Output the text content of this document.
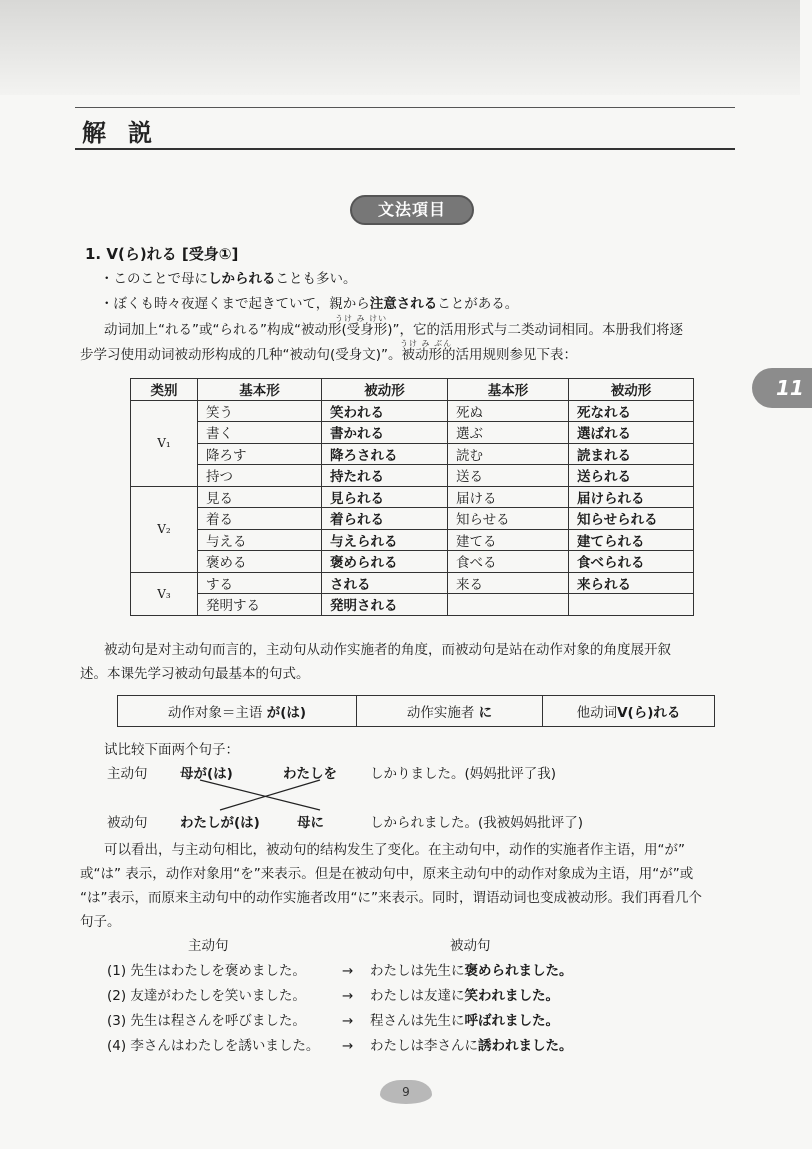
解説
文法項目
11
1. V(ら)れる [受身①]
・このことで母にしかられることも多い。
・ぼくも時々夜遅くまで起きていて，親から注意されることがある。
うけ み けい
动词加上“れる”或“られる”构成“被动形(受身形)”，它的活用形式与二类动词相同。本册我们将逐
うけ み ぶん
步学习使用动词被动形构成的几种“被动句(受身文)”。被动形的活用规则参见下表：
类别	基本形	被动形	基本形	被动形
V₁	笑う	笑われる	死ぬ	死なれる
	書く	書かれる	選ぶ	選ばれる
	降ろす	降ろされる	読む	読まれる
	持つ	持たれる	送る	送られる
V₂	見る	見られる	届ける	届けられる
	着る	着られる	知らせる	知らせられる
	与える	与えられる	建てる	建てられる
	褒める	褒められる	食べる	食べられる
V₃	する	される	来る	来られる
	発明する	発明される		
被动句是对主动句而言的，主动句从动作实施者的角度，而被动句是站在动作对象的角度展开叙
述。本课先学习被动句最基本的句式。
动作对象＝主语 が(は)	动作实施者 に	他动词V(ら)れる
试比较下面两个句子：
主动句 母が(は)	わたしを しかりました。(妈妈批评了我)
被动句 わたしが(は)	母に	しかられました。(我被妈妈批评了)
可以看出，与主动句相比，被动句的结构发生了变化。在主动句中，动作的实施者作主语，用“が”
或“は” 表示，动作对象用“を”来表示。但是在被动句中，原来主动句中的动作对象成为主语，用“が”或
“は”表示，而原来主动句中的动作实施者改用“に”来表示。同时，谓语动词也变成被动形。我们再看几个
句子。
主动句	被动句
(1) 先生はわたしを褒めました。	→ わたしは先生に褒められました。
(2) 友達がわたしを笑いました。	→ わたしは友達に笑われました。
(3) 先生は程さんを呼びました。	→ 程さんは先生に呼ばれました。
(4) 李さんはわたしを誘いました。 → わたしは李さんに誘われました。
9
